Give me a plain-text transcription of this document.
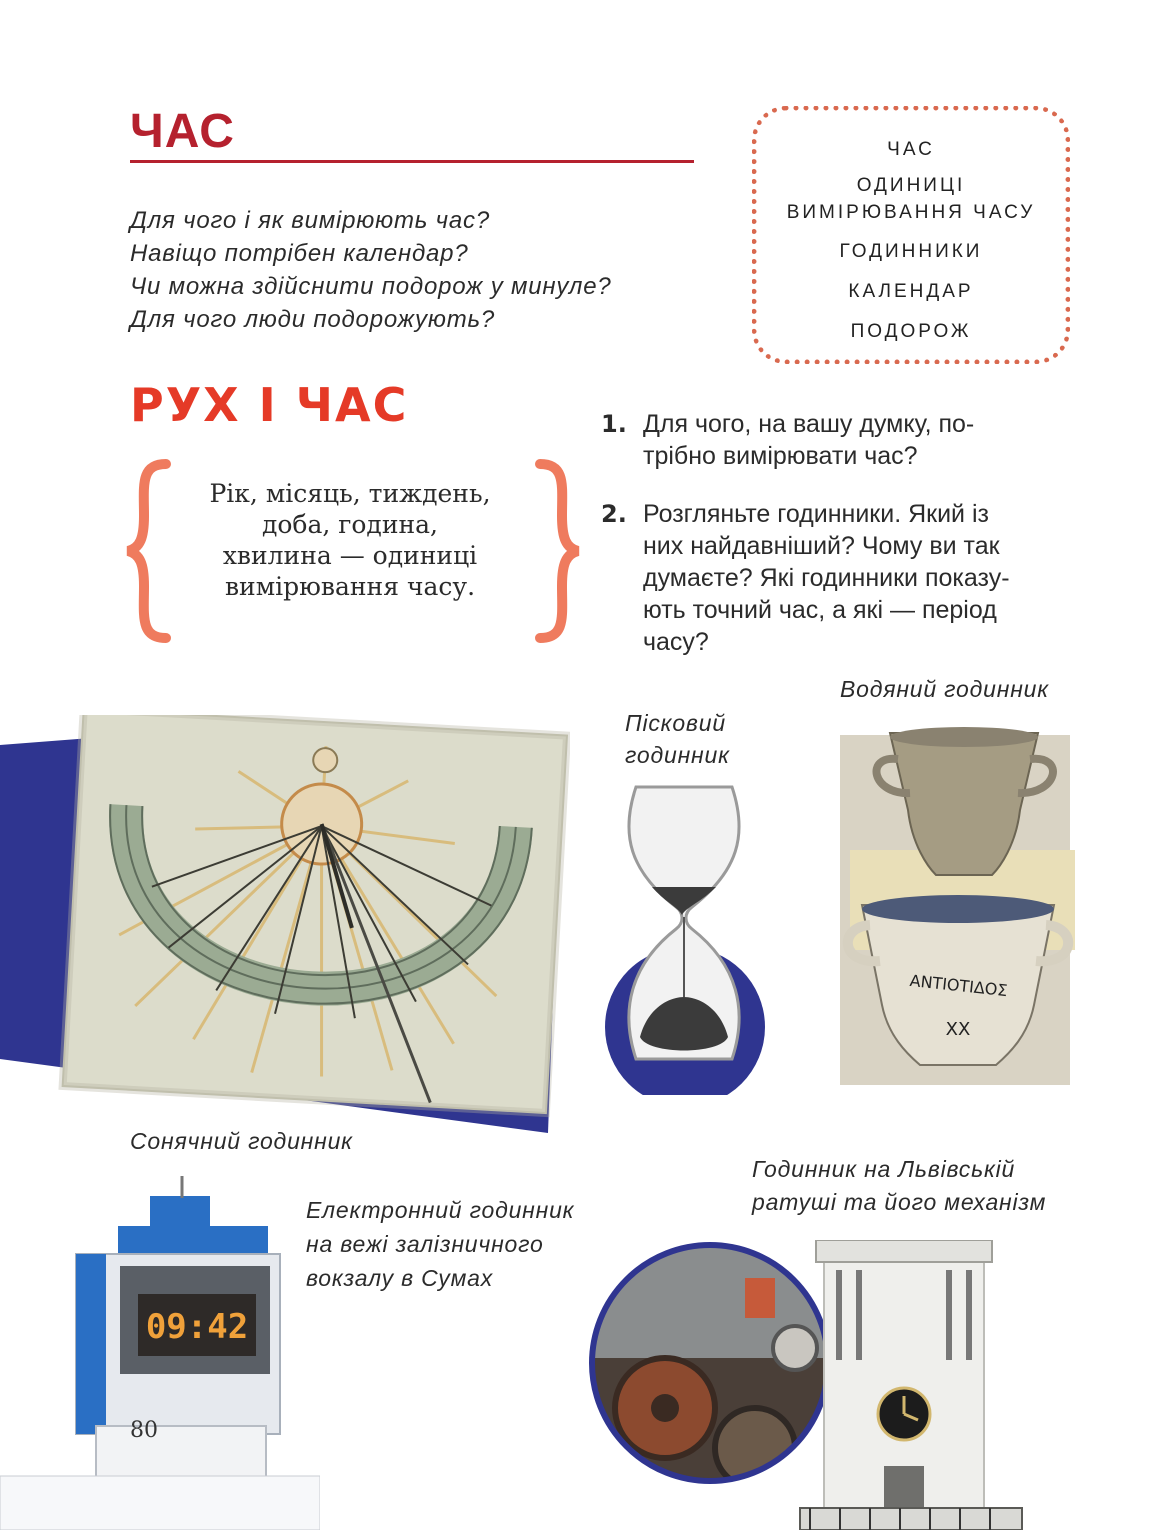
ЧАС
Для чого і як вимірюють час?
Навіщо потрібен календар?
Чи можна здійснити подорож у минуле?
Для чого люди подорожують?
ЧАС
ОДИНИЦІ
ВИМІРЮВАННЯ ЧАСУ
ГОДИННИКИ
КАЛЕНДАР
ПОДОРОЖ
РУХ І ЧАС
Рік, місяць, тиждень,
доба, година,
хвилина — одиниці
вимірювання часу.
1. Для чого, на вашу думку, по-
трібно вимірювати час?
2. Розгляньте годинники. Який із
них найдавніший? Чому ви так
думаєте? Які годинники показу-
ють точний час, а які — період
часу?
Водяний годинник
Пісковий
годинник
Сонячний годинник
Електронний годинник
на вежі залізничного
вокзалу в Сумах
Годинник на Львівській
ратуші та його механізм
ΑΝΤΙΟΤΙΔΟΣ
XX
09:42
80
